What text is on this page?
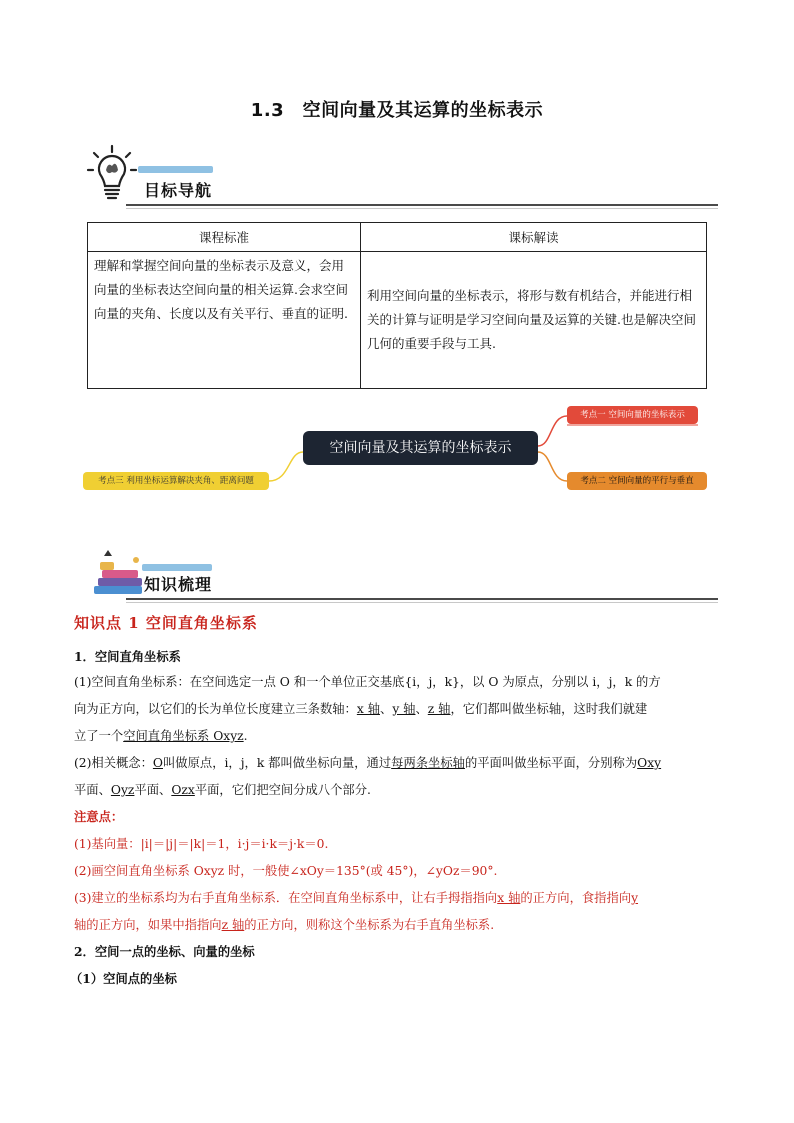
1.3　空间向量及其运算的坐标表示
目标导航
课程标准	课标解读
理解和掌握空间向量的坐标表示及意义，会用向量的坐标表达空间向量的相关运算.会求空间向量的夹角、长度以及有关平行、垂直的证明.	利用空间向量的坐标表示，将形与数有机结合，并能进行相关的计算与证明是学习空间向量及运算的关键.也是解决空间几何的重要手段与工具.
空间向量及其运算的坐标表示
考点一 空间向量的坐标表示
考点二 空间向量的平行与垂直
考点三 利用坐标运算解决夹角、距离问题
知识梳理
知识点 1 空间直角坐标系
1．空间直角坐标系
(1)空间直角坐标系：在空间选定一点 O 和一个单位正交基底{i，j，k}，以 O 为原点，分别以 i，j，k 的方
向为正方向，以它们的长为单位长度建立三条数轴：x 轴、y 轴、z 轴，它们都叫做坐标轴，这时我们就建
立了一个空间直角坐标系 Oxyz.
(2)相关概念：O叫做原点，i，j，k 都叫做坐标向量，通过每两条坐标轴的平面叫做坐标平面，分别称为Oxy
平面、Oyz平面、Ozx平面，它们把空间分成八个部分.
注意点：
(1)基向量：|i|＝|j|＝|k|＝1，i·j＝i·k＝j·k＝0.
(2)画空间直角坐标系 Oxyz 时，一般使∠xOy＝135°(或 45°)，∠yOz＝90°.
(3)建立的坐标系均为右手直角坐标系．在空间直角坐标系中，让右手拇指指向x 轴的正方向，食指指向y
轴的正方向，如果中指指向z 轴的正方向，则称这个坐标系为右手直角坐标系.
2．空间一点的坐标、向量的坐标
（1）空间点的坐标
